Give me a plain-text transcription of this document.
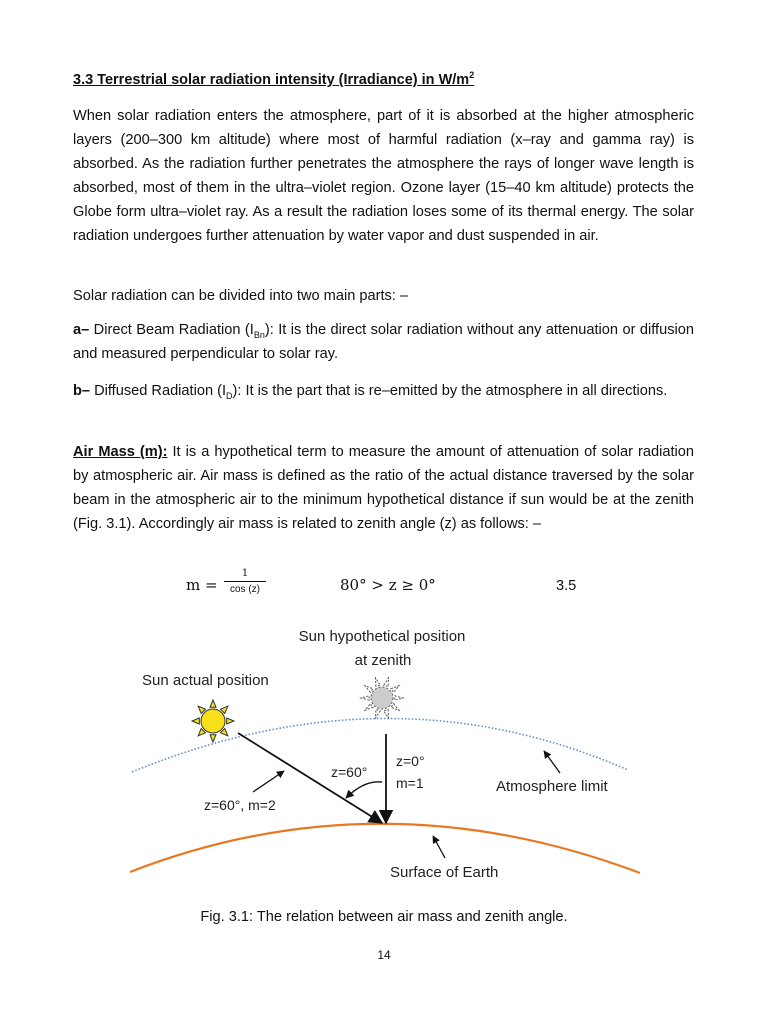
3.3 Terrestrial solar radiation intensity (Irradiance) in $W/m^2$

When solar radiation enters the atmosphere, part of it is absorbed at the higher atmospheric layers (200–300 km altitude) where most of harmful radiation (x–ray and gamma ray) is absorbed. As the radiation further penetrates the atmosphere the rays of longer wave length is absorbed, most of them in the ultra–violet region. Ozone layer (15–40 km altitude) protects the Globe form ultra–violet ray. As a result the radiation loses some of its thermal energy. The solar radiation undergoes further attenuation by water vapor and dust suspended in air.

Solar radiation can be divided into two main parts: –

a– Direct Beam Radiation $(I_{Bn})$: It is the direct solar radiation without any attenuation or diffusion and measured perpendicular to solar ray.

b– Diffused Radiation $(I_D)$: It is the part that is re–emitted by the atmosphere in all directions.

Air Mass (m): It is a hypothetical term to measure the amount of attenuation of solar radiation by atmospheric air. Air mass is defined as the ratio of the actual distance traversed by the solar beam in the atmospheric air to the minimum hypothetical distance if sun would be at the zenith (Fig. 3.1). Accordingly air mass is related to zenith angle (z) as follows: –

$m = \frac{1}{\cos (z)}$	80° > z ≥ 0°	3.5
Sun hypothetical position
at zenith
Sun actual position
z=0°
m=1
z=60°
z=60°, m=2
Atmosphere limit
Surface of Earth

Fig. 3.1: The relation between air mass and zenith angle.

14
